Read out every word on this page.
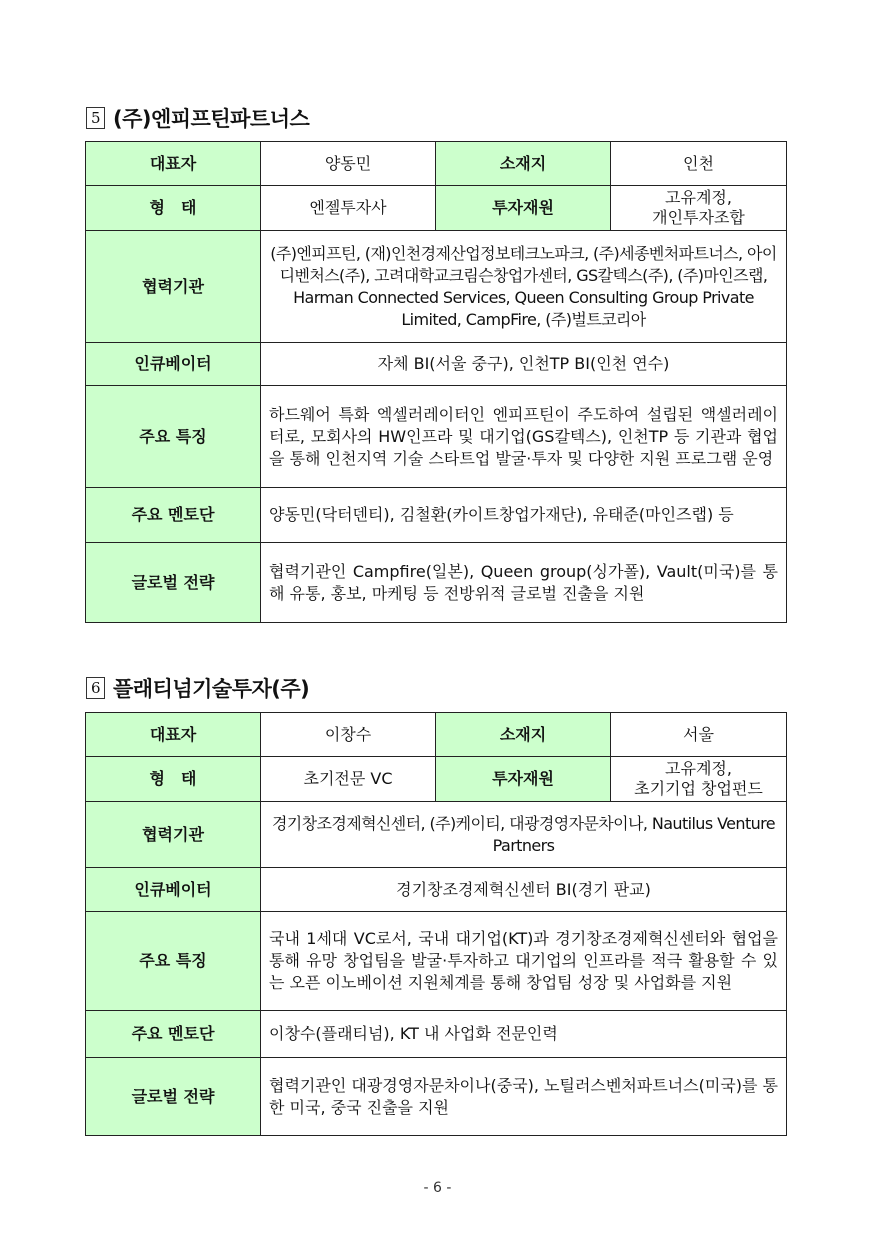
5 (주)엔피프틴파트너스
대표자	양동민	소재지	인천
형　태	엔젤투자사	투자재원	고유계정,
개인투자조합
협력기관	(주)엔피프틴, (재)인천경제산업정보테크노파크, (주)세종벤처파트너스, 아이디벤처스(주), 고려대학교크림슨창업가센터, GS칼텍스(주), (주)마인즈랩, Harman Connected Services, Queen Consulting Group Private Limited, CampFire, (주)벌트코리아		
인큐베이터	자체 BI(서울 중구), 인천TP BI(인천 연수)		
주요 특징	하드웨어 특화 엑셀러레이터인 엔피프틴이 주도하여 설립된 액셀러레이터로, 모회사의 HW인프라 및 대기업(GS칼텍스), 인천TP 등 기관과 협업을 통해 인천지역 기술 스타트업 발굴·투자 및 다양한 지원 프로그램 운영		
주요 멘토단	양동민(닥터덴티), 김철환(카이트창업가재단), 유태준(마인즈랩) 등		
글로벌 전략	협력기관인 Campfire(일본), Queen group(싱가폴), Vault(미국)를 통해 유통, 홍보, 마케팅 등 전방위적 글로벌 진출을 지원		
6 플래티넘기술투자(주)
대표자	이창수	소재지	서울
형　태	초기전문 VC	투자재원	고유계정,
초기기업 창업펀드
협력기관	경기창조경제혁신센터, (주)케이티, 대광경영자문차이나, Nautilus Venture Partners		
인큐베이터	경기창조경제혁신센터 BI(경기 판교)		
주요 특징	국내 1세대 VC로서, 국내 대기업(KT)과 경기창조경제혁신센터와 협업을 통해 유망 창업팀을 발굴·투자하고 대기업의 인프라를 적극 활용할 수 있는 오픈 이노베이션 지원체계를 통해 창업팀 성장 및 사업화를 지원		
주요 멘토단	이창수(플래티넘), KT 내 사업화 전문인력		
글로벌 전략	협력기관인 대광경영자문차이나(중국), 노틸러스벤처파트너스(미국)를 통한 미국, 중국 진출을 지원		
- 6 -
